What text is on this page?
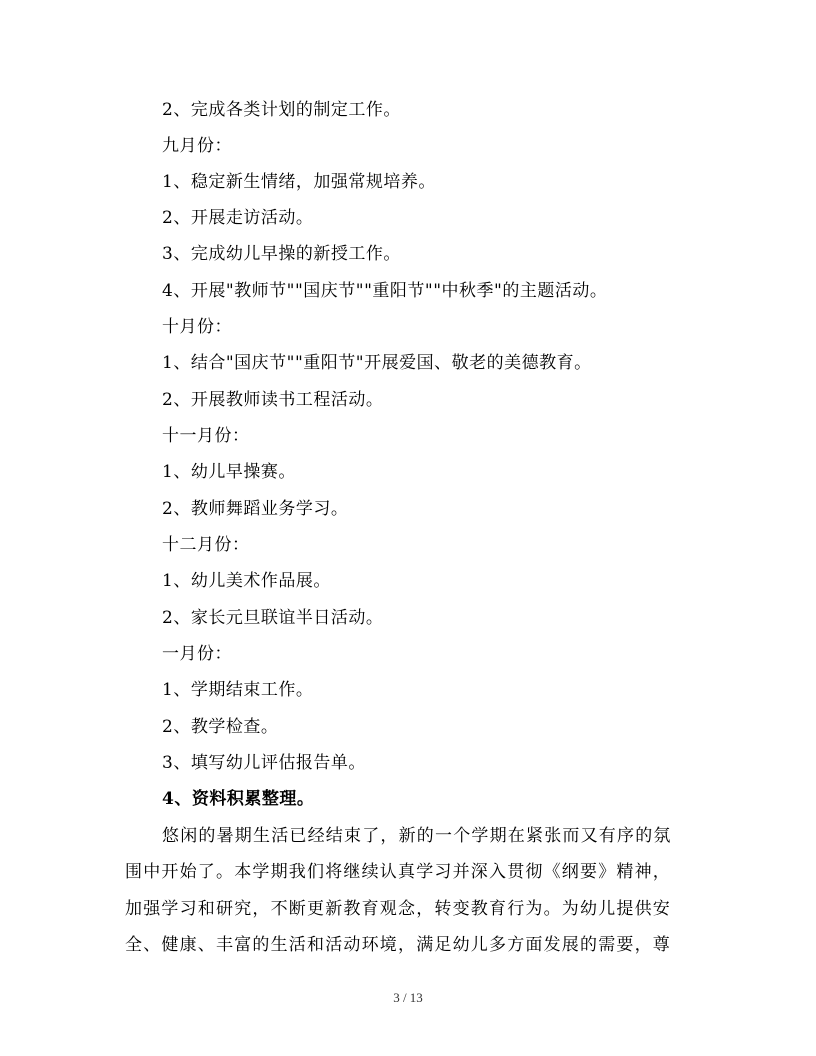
2、完成各类计划的制定工作。
九月份：
1、稳定新生情绪，加强常规培养。
2、开展走访活动。
3、完成幼儿早操的新授工作。
4、开展"教师节""国庆节""重阳节""中秋季"的主题活动。
十月份：
1、结合"国庆节""重阳节"开展爱国、敬老的美德教育。
2、开展教师读书工程活动。
十一月份：
1、幼儿早操赛。
2、教师舞蹈业务学习。
十二月份：
1、幼儿美术作品展。
2、家长元旦联谊半日活动。
一月份：
1、学期结束工作。
2、教学检查。
3、填写幼儿评估报告单。
4、资料积累整理。
悠闲的暑期生活已经结束了，新的一个学期在紧张而又有序的氛
围中开始了。本学期我们将继续认真学习并深入贯彻《纲要》精神，
加强学习和研究，不断更新教育观念，转变教育行为。为幼儿提供安
全、健康、丰富的生活和活动环境，满足幼儿多方面发展的需要，尊
3 / 13
